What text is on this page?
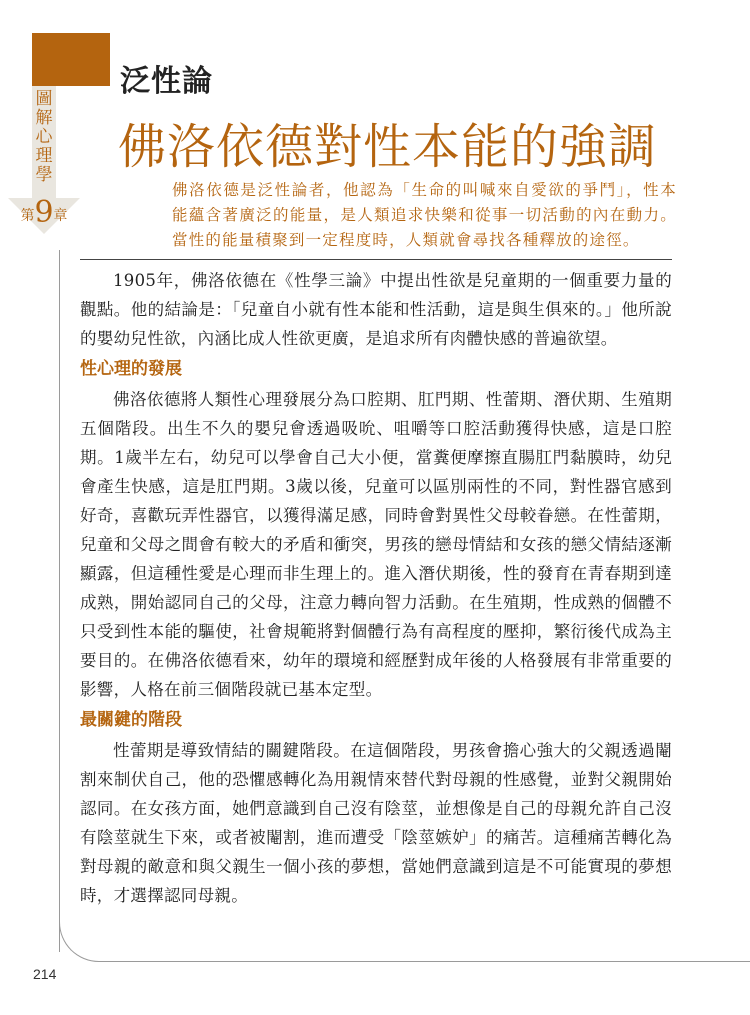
圖解心理學
第9章
泛性論
佛洛依德對性本能的強調
佛洛依德是泛性論者，他認為「生命的叫喊來自愛欲的爭鬥」，性本能蘊含著廣泛的能量，是人類追求快樂和從事一切活動的內在動力。當性的能量積聚到一定程度時，人類就會尋找各種釋放的途徑。

1905年，佛洛依德在《性學三論》中提出性欲是兒童期的一個重要力量的觀點。他的結論是：「兒童自小就有性本能和性活動，這是與生俱來的。」他所說的嬰幼兒性欲，內涵比成人性欲更廣，是追求所有肉體快感的普遍欲望。

性心理的發展

佛洛依德將人類性心理發展分為口腔期、肛門期、性蕾期、潛伏期、生殖期五個階段。出生不久的嬰兒會透過吸吮、咀嚼等口腔活動獲得快感，這是口腔期。1歲半左右，幼兒可以學會自己大小便，當糞便摩擦直腸肛門黏膜時，幼兒會產生快感，這是肛門期。3歲以後，兒童可以區別兩性的不同，對性器官感到好奇，喜歡玩弄性器官，以獲得滿足感，同時會對異性父母較眷戀。在性蕾期，兒童和父母之間會有較大的矛盾和衝突，男孩的戀母情結和女孩的戀父情結逐漸顯露，但這種性愛是心理而非生理上的。進入潛伏期後，性的發育在青春期到達成熟，開始認同自己的父母，注意力轉向智力活動。在生殖期，性成熟的個體不只受到性本能的驅使，社會規範將對個體行為有高程度的壓抑，繁衍後代成為主要目的。在佛洛依德看來，幼年的環境和經歷對成年後的人格發展有非常重要的影響，人格在前三個階段就已基本定型。

最關鍵的階段

性蕾期是導致情結的關鍵階段。在這個階段，男孩會擔心強大的父親透過閹割來制伏自己，他的恐懼感轉化為用親情來替代對母親的性感覺，並對父親開始認同。在女孩方面，她們意識到自己沒有陰莖，並想像是自己的母親允許自己沒有陰莖就生下來，或者被閹割，進而遭受「陰莖嫉妒」的痛苦。這種痛苦轉化為對母親的敵意和與父親生一個小孩的夢想，當她們意識到這是不可能實現的夢想時，才選擇認同母親。

214
